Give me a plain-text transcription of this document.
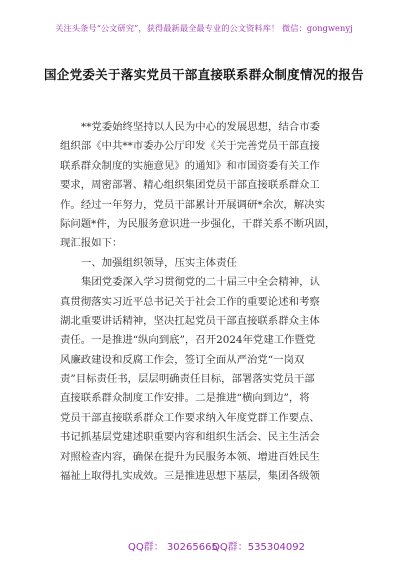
关注头条号“公文研究”，获得最新最全最专业的公文资料库！ 微信：gongwenyj
国企党委关于落实党员干部直接联系群众制度情况的报告
**党委始终坚持以人民为中心的发展思想，结合市委
组织部《中共**市委办公厅印发《关于完善党员干部直接
联系群众制度的实施意见》的通知》和市国资委有关工作
要求，周密部署、精心组织集团党员干部直接联系群众工
作。经过一年努力，党员干部累计开展调研*余次，解决实
际问题*件，为民服务意识进一步强化，干群关系不断巩固，
现汇报如下：
一、加强组织领导，压实主体责任
集团党委深入学习贯彻党的二十届三中全会精神，认
真贯彻落实习近平总书记关于社会工作的重要论述和考察
湖北重要讲话精神，坚决扛起党员干部直接联系群众主体
责任。一是推进“纵向到底”，召开2024年党建工作暨党
风廉政建设和反腐工作会，签订全面从严治党“一岗双
责”目标责任书，层层明确责任目标，部署落实党员干部
直接联系群众制度工作安排。二是推进“横向到边”，将
党员干部直接联系群众工作要求纳入年度党群工作要点、
书记抓基层党建述职重要内容和组织生活会、民主生活会
对照检查内容，确保在提升为民服务本领、增进百姓民生
福祉上取得扎实成效。三是推进思想下基层，集团各级领
QQ群： 30265665
QQ群：535304092
